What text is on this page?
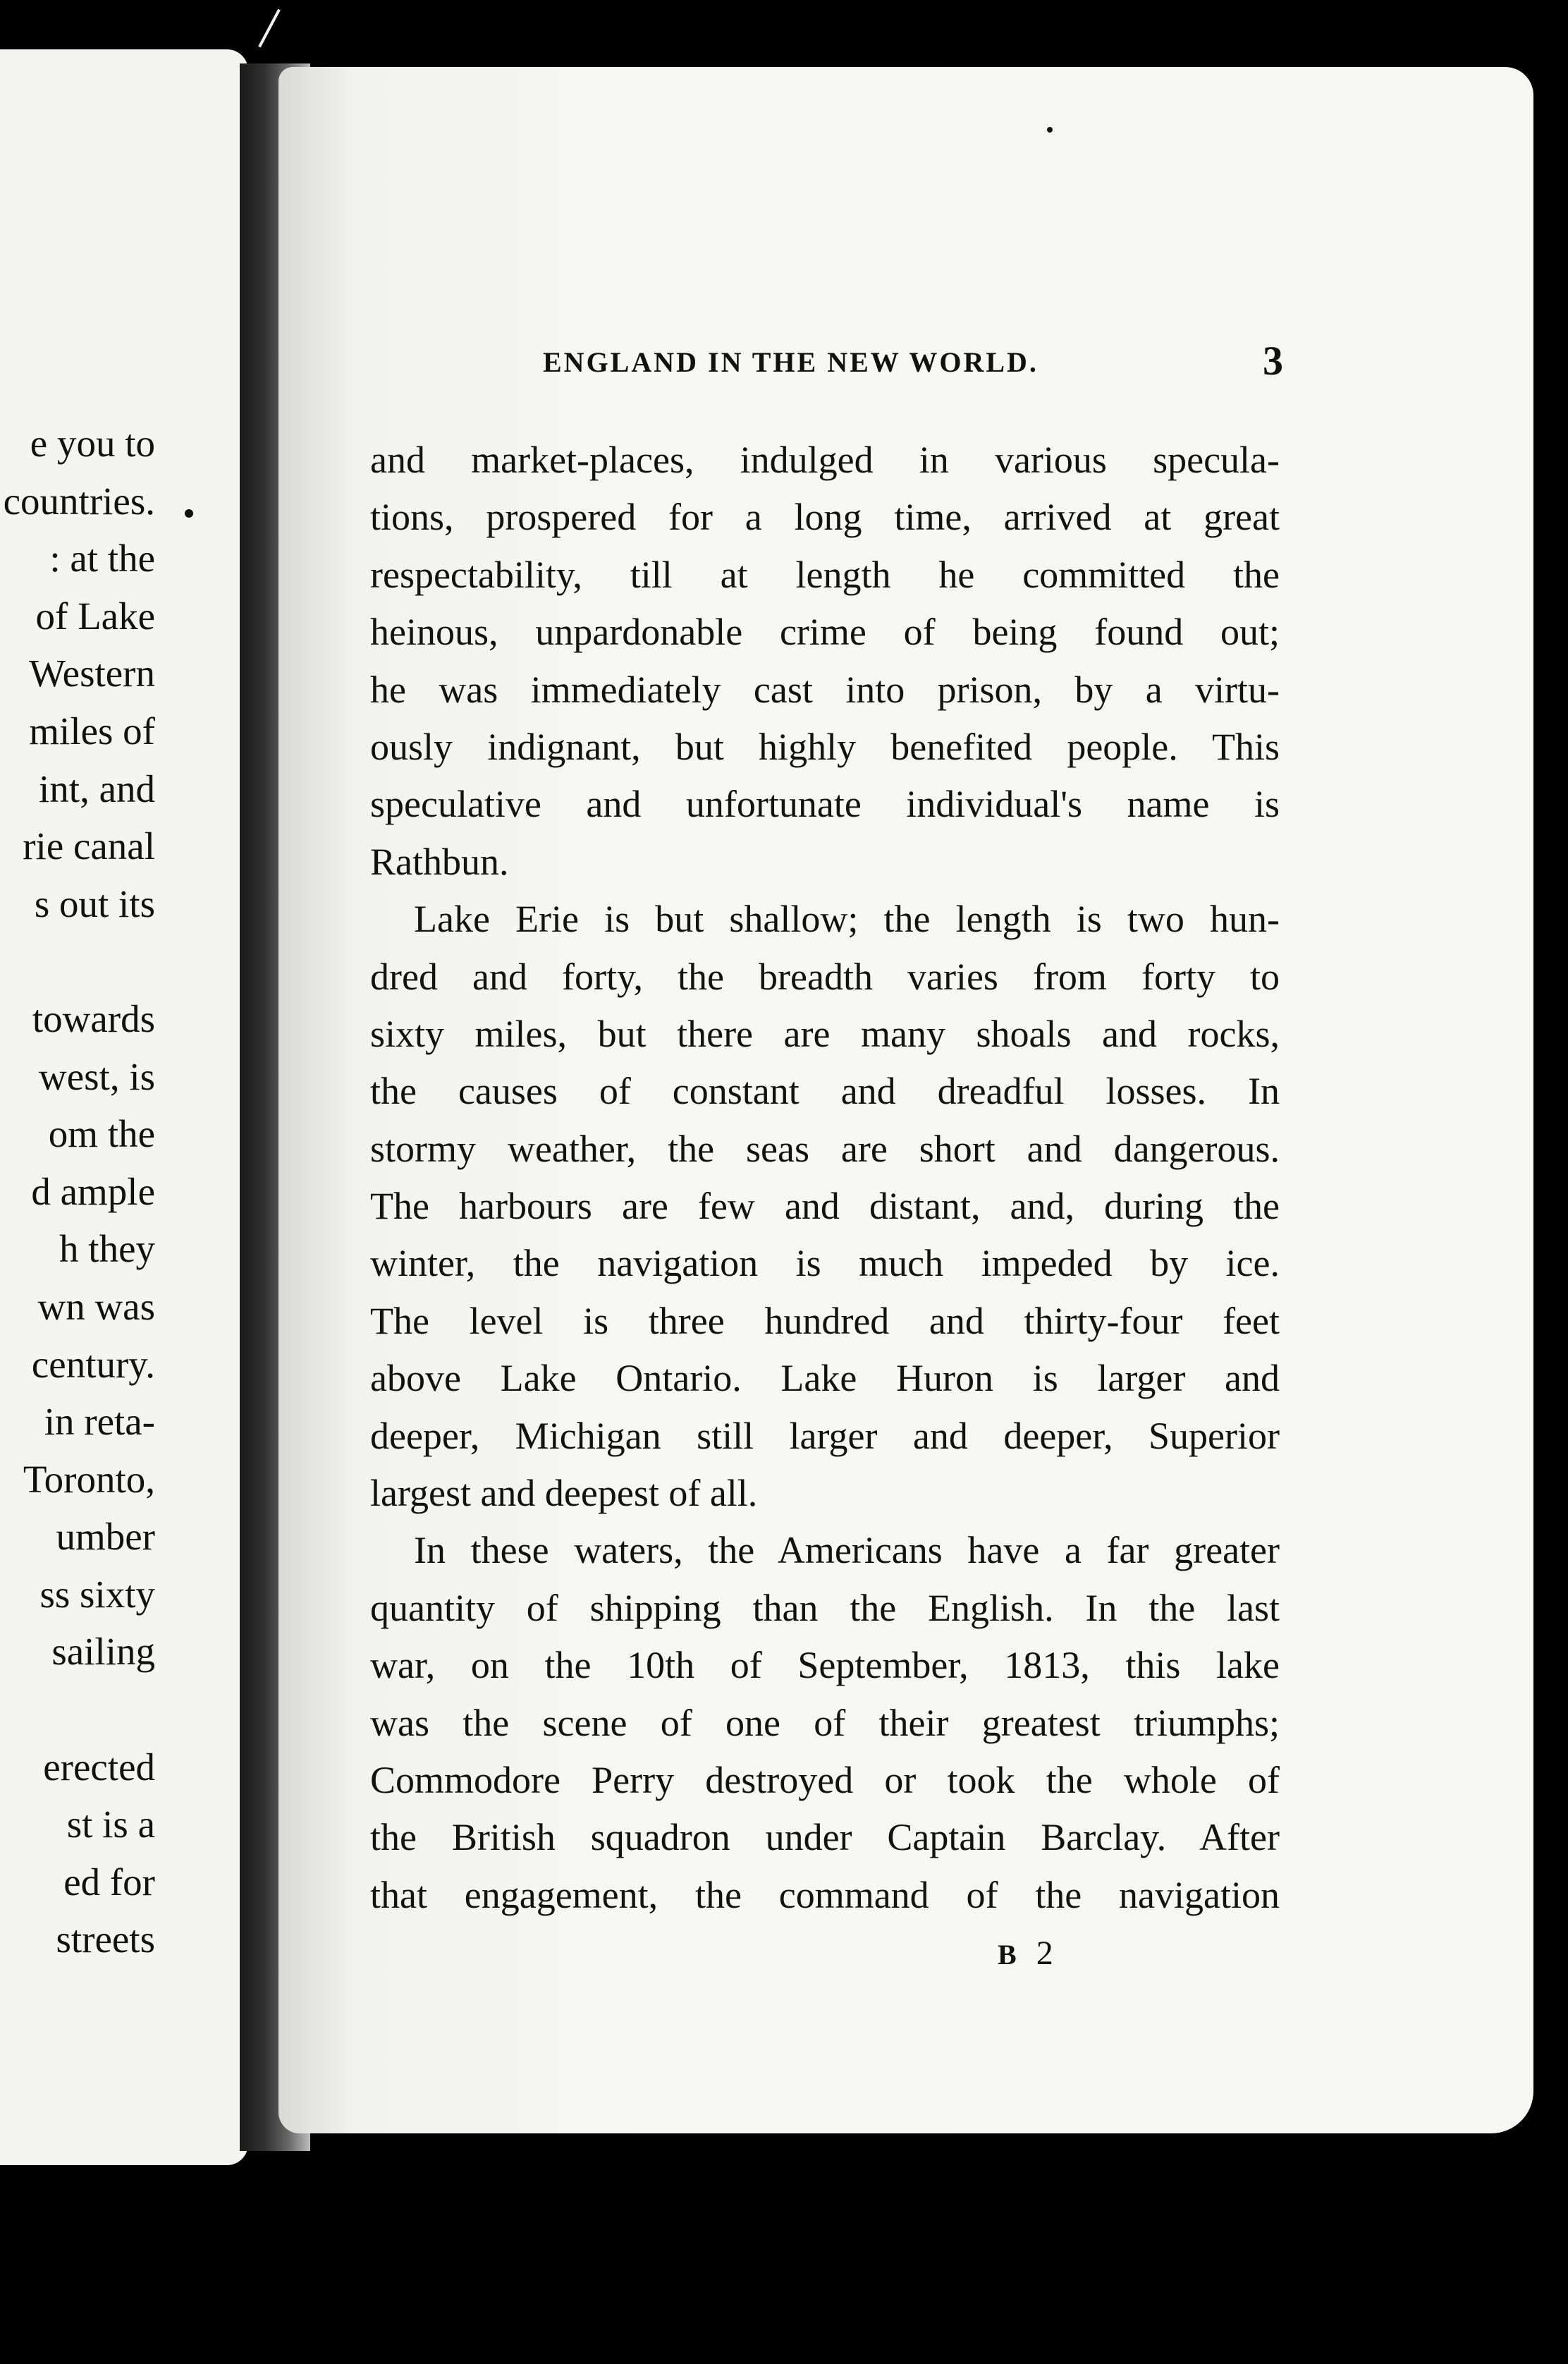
e you to
countries.
: at the
of Lake
Western
miles of
int, and
rie canal
s out its
towards
west, is
om the
d ample
h they
wn was
century.
in reta-
Toronto,
umber
ss sixty
sailing
erected
st is a
ed for
streets
ENGLAND IN THE NEW WORLD.	3
and market-places, indulged in various specula-
tions, prospered for a long time, arrived at great
respectability, till at length he committed the
heinous, unpardonable crime of being found out;
he was immediately cast into prison, by a virtu-
ously indignant, but highly benefited people. This
speculative and unfortunate individual's name is
Rathbun.
Lake Erie is but shallow; the length is two hun-
dred and forty, the breadth varies from forty to
sixty miles, but there are many shoals and rocks,
the causes of constant and dreadful losses. In
stormy weather, the seas are short and dangerous.
The harbours are few and distant, and, during the
winter, the navigation is much impeded by ice.
The level is three hundred and thirty-four feet
above Lake Ontario. Lake Huron is larger and
deeper, Michigan still larger and deeper, Superior
largest and deepest of all.
In these waters, the Americans have a far greater
quantity of shipping than the English. In the last
war, on the 10th of September, 1813, this lake
was the scene of one of their greatest triumphs;
Commodore Perry destroyed or took the whole of
the British squadron under Captain Barclay. After
that engagement, the command of the navigation
B 2
